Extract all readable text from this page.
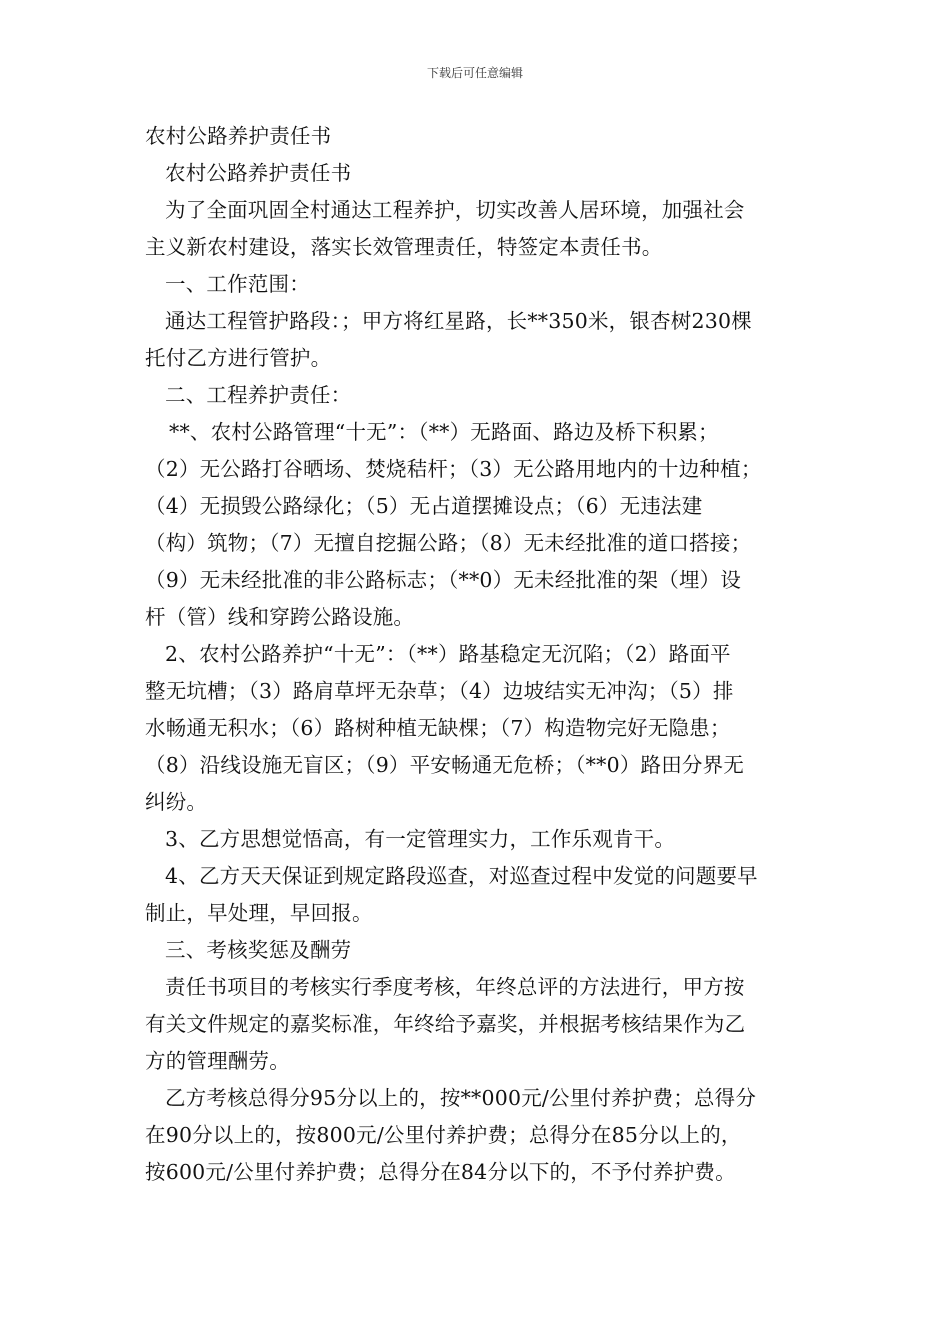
下载后可任意编辑
农村公路养护责任书
农村公路养护责任书
为了全面巩固全村通达工程养护，切实改善人居环境，加强社会
主义新农村建设，落实长效管理责任，特签定本责任书。
一、工作范围：
通达工程管护路段：；甲方将红星路，长**350米，银杏树230棵
托付乙方进行管护。
二、工程养护责任：
**、农村公路管理“十无”：（**）无路面、路边及桥下积累；
（2）无公路打谷晒场、焚烧秸杆；（3）无公路用地内的十边种植；
（4）无损毁公路绿化；（5）无占道摆摊设点；（6）无违法建
（构）筑物；（7）无擅自挖掘公路；（8）无未经批准的道口搭接；
（9）无未经批准的非公路标志；（**0）无未经批准的架（埋）设
杆（管）线和穿跨公路设施。
2、农村公路养护“十无”：（**）路基稳定无沉陷；（2）路面平
整无坑槽；（3）路肩草坪无杂草；（4）边坡结实无冲沟；（5）排
水畅通无积水；（6）路树种植无缺棵；（7）构造物完好无隐患；
（8）沿线设施无盲区；（9）平安畅通无危桥；（**0）路田分界无
纠纷。
3、乙方思想觉悟高，有一定管理实力，工作乐观肯干。
4、乙方天天保证到规定路段巡查，对巡查过程中发觉的问题要早
制止，早处理，早回报。
三、考核奖惩及酬劳
责任书项目的考核实行季度考核，年终总评的方法进行，甲方按
有关文件规定的嘉奖标准，年终给予嘉奖，并根据考核结果作为乙
方的管理酬劳。
乙方考核总得分95分以上的，按**000元/公里付养护费；总得分
在90分以上的，按800元/公里付养护费；总得分在85分以上的，
按600元/公里付养护费；总得分在84分以下的，不予付养护费。
